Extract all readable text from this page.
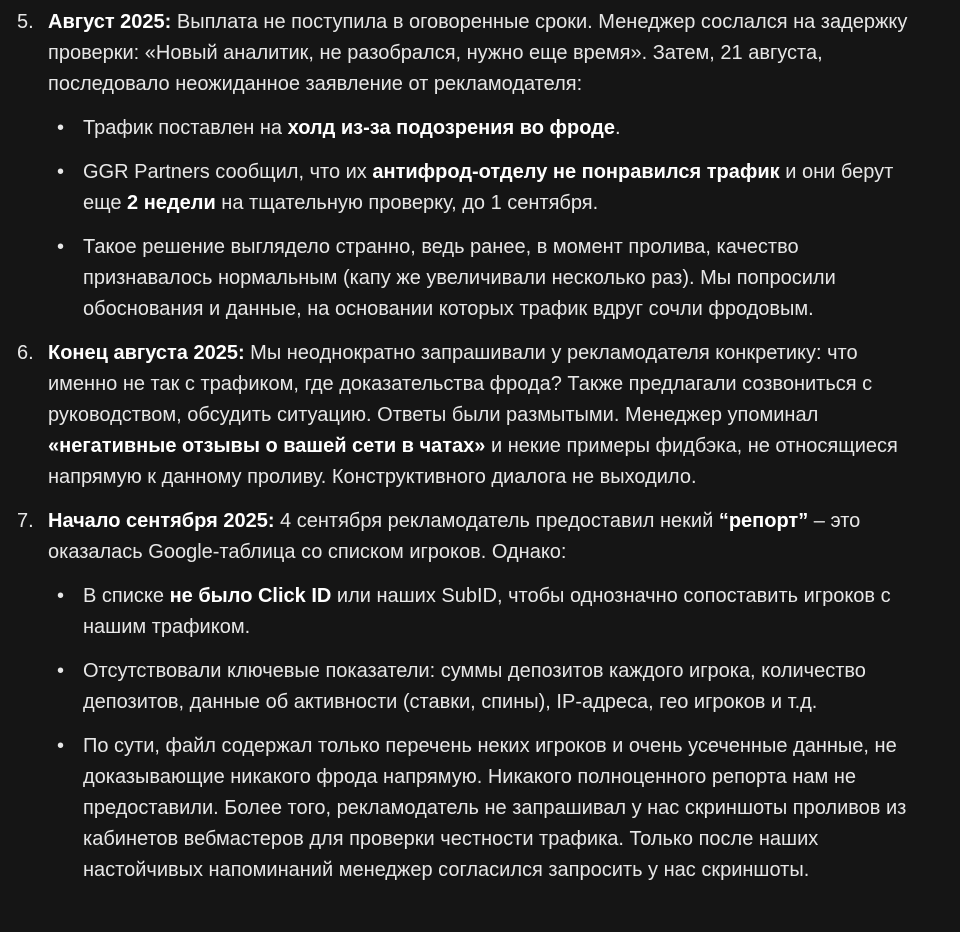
5. Август 2025: Выплата не поступила в оговоренные сроки. Менеджер сослался на задержку проверки: «Новый аналитик, не разобрался, нужно еще время». Затем, 21 августа, последовало неожиданное заявление от рекламодателя:

• Трафик поставлен на холд из-за подозрения во фроде.
• GGR Partners сообщил, что их антифрод-отделу не понравился трафик и они берут еще 2 недели на тщательную проверку, до 1 сентября.
• Такое решение выглядело странно, ведь ранее, в момент пролива, качество признавалось нормальным (капу же увеличивали несколько раз). Мы попросили обоснования и данные, на основании которых трафик вдруг сочли фродовым.
6. Конец августа 2025: Мы неоднократно запрашивали у рекламодателя конкретику: что именно не так с трафиком, где доказательства фрода? Также предлагали созвониться с руководством, обсудить ситуацию. Ответы были размытыми. Менеджер упоминал «негативные отзывы о вашей сети в чатах» и некие примеры фидбэка, не относящиеся напрямую к данному проливу. Конструктивного диалога не выходило.

7. Начало сентября 2025: 4 сентября рекламодатель предоставил некий “репорт” – это оказалась Google-таблица со списком игроков. Однако:

• В списке не было Click ID или наших SubID, чтобы однозначно сопоставить игроков с нашим трафиком.
• Отсутствовали ключевые показатели: суммы депозитов каждого игрока, количество депозитов, данные об активности (ставки, спины), IP-адреса, гео игроков и т.д.
• По сути, файл содержал только перечень неких игроков и очень усеченные данные, не доказывающие никакого фрода напрямую. Никакого полноценного репорта нам не предоставили. Более того, рекламодатель не запрашивал у нас скриншоты проливов из кабинетов вебмастеров для проверки честности трафика. Только после наших настойчивых напоминаний менеджер согласился запросить у нас скриншоты.
